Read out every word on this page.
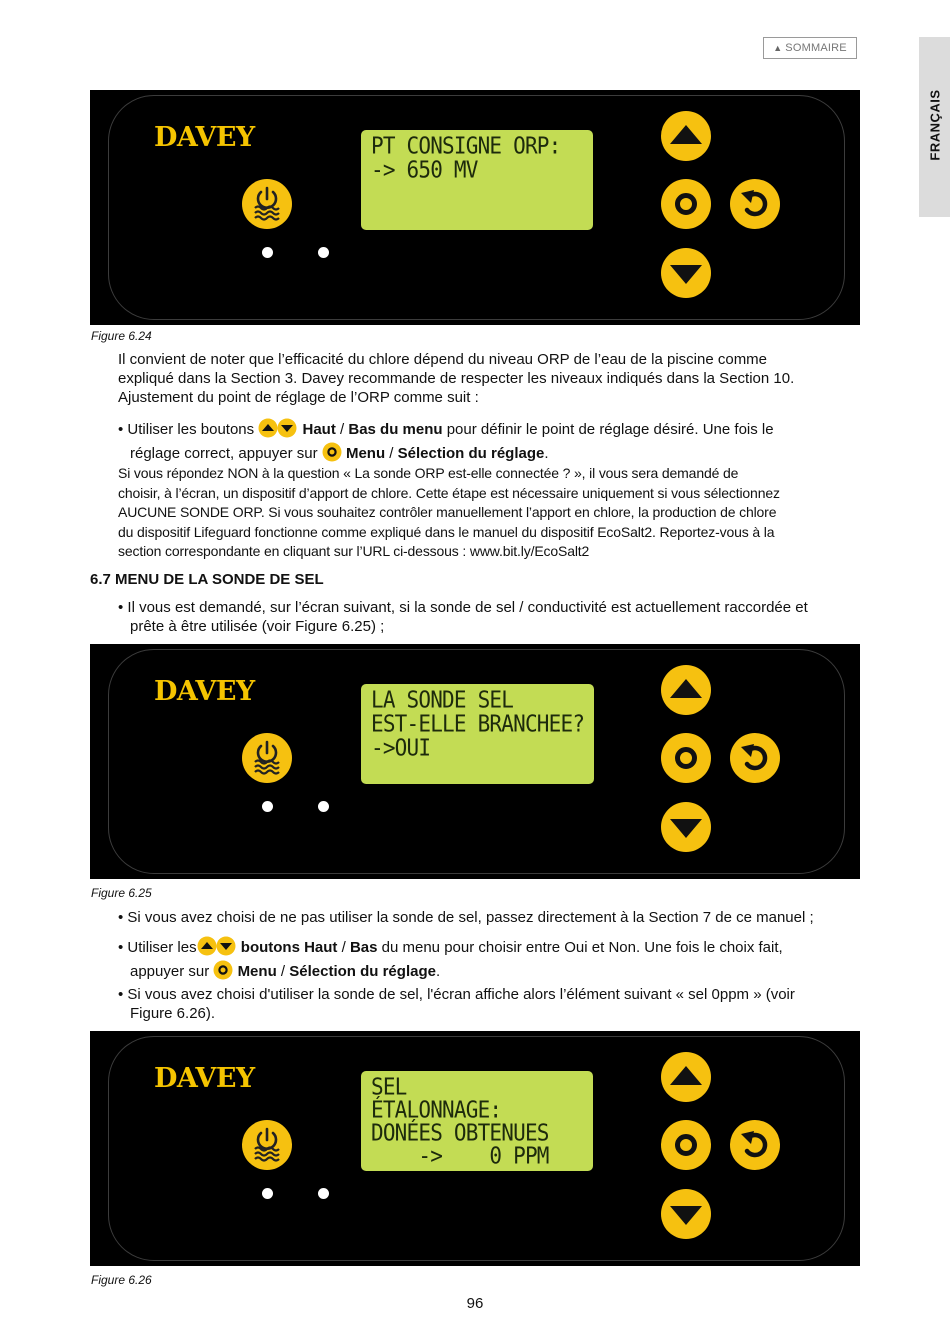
▲ SOMMAIRE
FRANÇAIS
DAVEY	PT CONSIGNE ORP:
-> 650 MV
Figure 6.24
Il convient de noter que l’efficacité du chlore dépend du niveau ORP de l’eau de la piscine comme
expliqué dans la Section 3. Davey recommande de respecter les niveaux indiqués dans la Section 10.
Ajustement du point de réglage de l’ORP comme suit :
• Utiliser les boutons	Haut / Bas du menu pour définir le point de réglage désiré. Une fois le
réglage correct, appuyer sur Menu / Sélection du réglage.
Si vous répondez NON à la question « La sonde ORP est-elle connectée ? », il vous sera demandé de
choisir, à l’écran, un dispositif d’apport de chlore. Cette étape est nécessaire uniquement si vous sélectionnez
AUCUNE SONDE ORP. Si vous souhaitez contrôler manuellement l’apport en chlore, la production de chlore
du dispositif Lifeguard fonctionne comme expliqué dans le manuel du dispositif EcoSalt2. Reportez-vous à la
section correspondante en cliquant sur l’URL ci-dessous : www.bit.ly/EcoSalt2
6.7 MENU DE LA SONDE DE SEL
• Il vous est demandé, sur l’écran suivant, si la sonde de sel / conductivité est actuellement raccordée et
prête à être utilisée (voir Figure 6.25) ;
DAVEY	LA SONDE SEL
EST-ELLE BRANCHEE?
->OUI
Figure 6.25
• Si vous avez choisi de ne pas utiliser la sonde de sel, passez directement à la Section 7 de ce manuel ;
• Utiliser les	boutons Haut / Bas du menu pour choisir entre Oui et Non. Une fois le choix fait,
appuyer sur Menu / Sélection du réglage.
• Si vous avez choisi d'utiliser la sonde de sel, l'écran affiche alors l’élément suivant « sel 0ppm » (voir
Figure 6.26).
DAVEY	SEL
ÉTALONNAGE:
DONÉES OBTENUES
->    0 PPM
Figure 6.26
96
